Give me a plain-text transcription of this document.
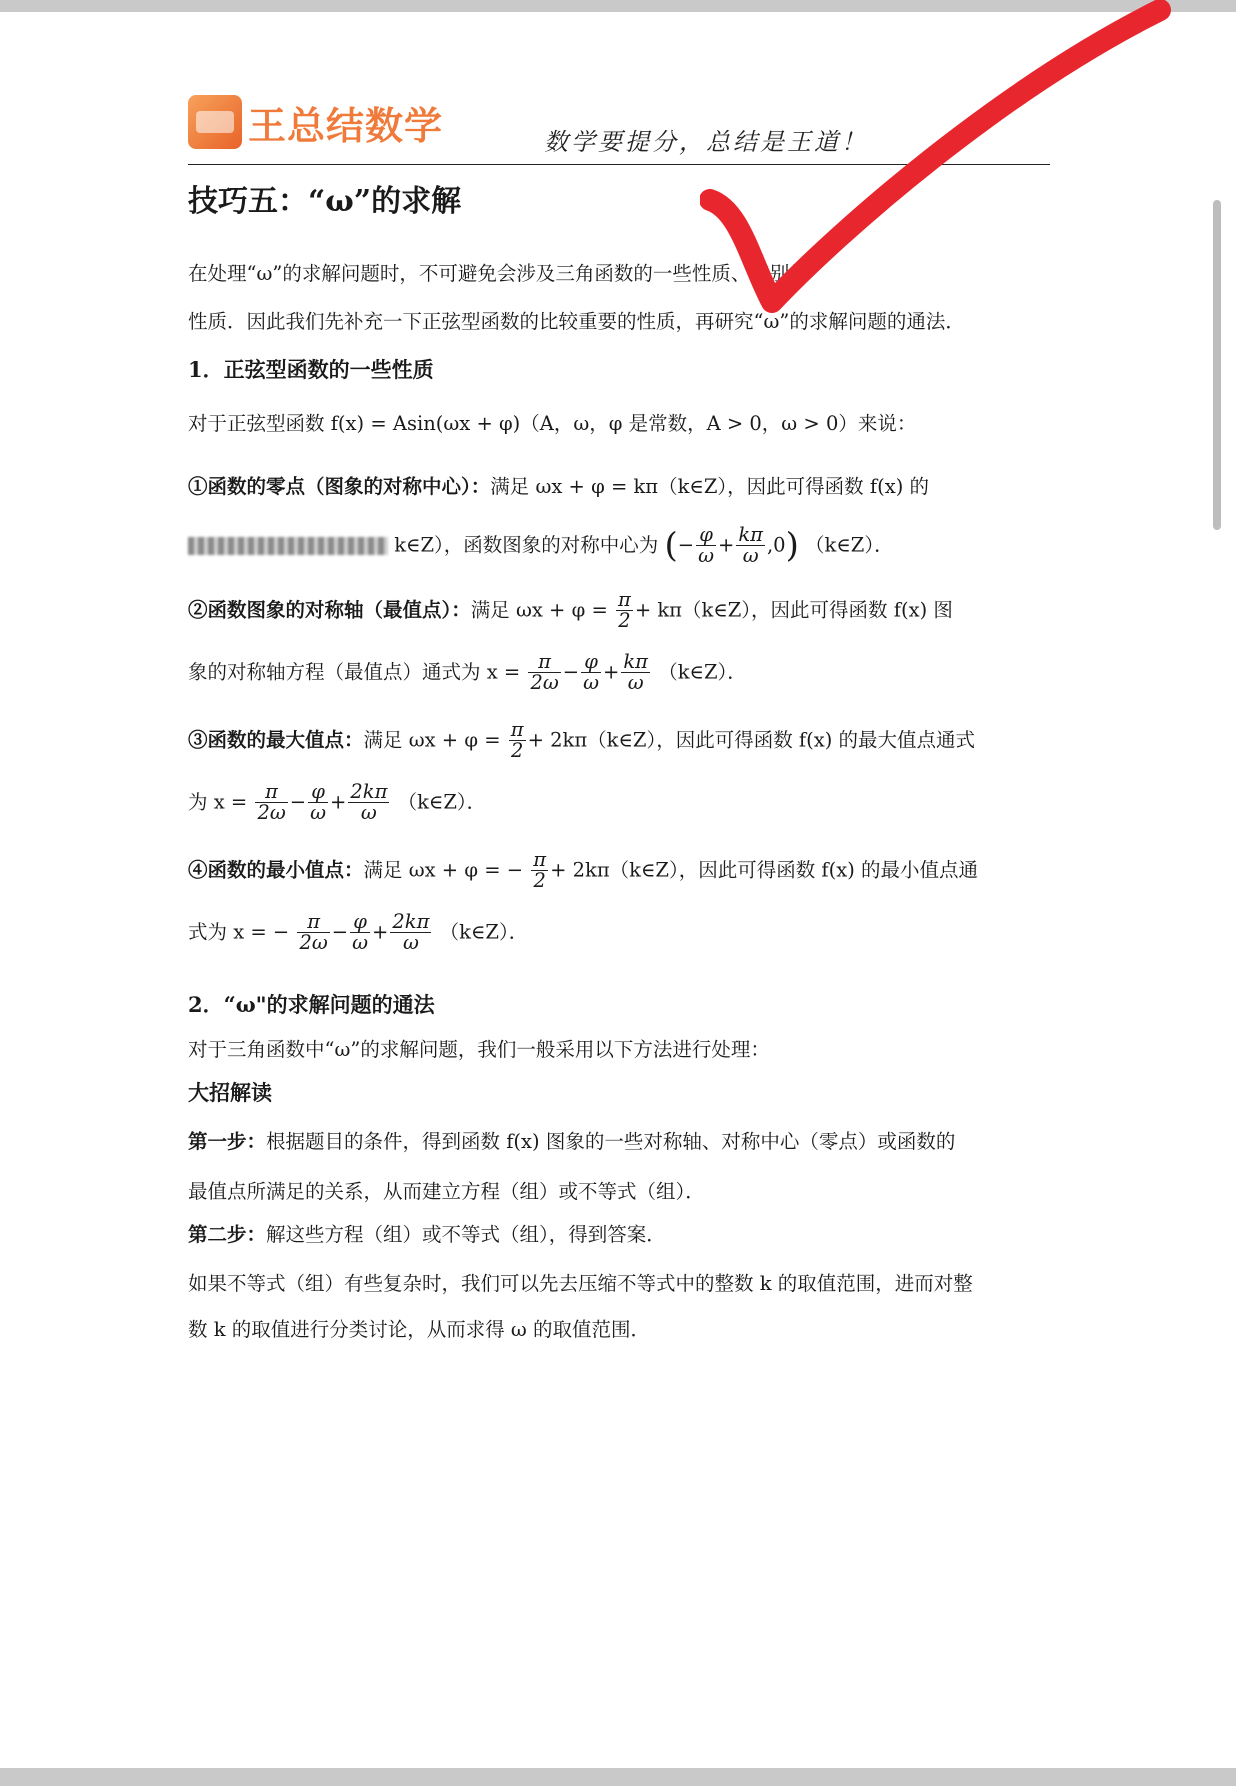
王总结数学	数学要提分，总结是王道！
技巧五：“ω”的求解
在处理“ω”的求解问题时，不可避免会涉及三角函数的一些性质、特别是
性质．因此我们先补充一下正弦型函数的比较重要的性质，再研究“ω”的求解问题的通法．
1．正弦型函数的一些性质
对于正弦型函数 f(x) = Asin(ωx + φ)（A，ω，φ 是常数，A > 0，ω > 0）来说：
①函数的零点（图象的对称中心）：满足 ωx + φ = kπ（k∈Z），因此可得函数 f(x) 的
k∈Z），函数图象的对称中心为 (− $\frac{\varphi}{\omega} + \frac{k\pi}{\omega} ,0$) （k∈Z）．
②函数图象的对称轴（最值点）：满足 $\omega x + \varphi = \frac{\pi}{2}$ + kπ（k∈Z），因此可得函数 f(x) 图
象的对称轴方程（最值点）通式为 $x = \frac{\pi}{2\omega} - \frac{\varphi}{\omega} + \frac{k\pi}{\omega}$ （k∈Z）．
③函数的最大值点：满足 $\omega x + \varphi = \frac{\pi}{2}$ + 2kπ（k∈Z），因此可得函数 f(x) 的最大值点通式
为 $x = \frac{\pi}{2\omega} - \frac{\varphi}{\omega} + \frac{2k\pi}{\omega}$ （k∈Z）．
④函数的最小值点：满足 ωx + φ = − $\frac{\pi}{2}$ + 2kπ（k∈Z），因此可得函数 f(x) 的最小值点通
式为 x = − $\frac{\pi}{2\omega} - \frac{\varphi}{\omega} + \frac{2k\pi}{\omega}$ （k∈Z）．
2．“ω"的求解问题的通法
对于三角函数中“ω”的求解问题，我们一般采用以下方法进行处理：
大招解读
第一步：根据题目的条件，得到函数 f(x) 图象的一些对称轴、对称中心（零点）或函数的
最值点所满足的关系，从而建立方程（组）或不等式（组）．
第二步：解这些方程（组）或不等式（组），得到答案．
如果不等式（组）有些复杂时，我们可以先去压缩不等式中的整数 k 的取值范围，进而对整
数 k 的取值进行分类讨论，从而求得 ω 的取值范围．
